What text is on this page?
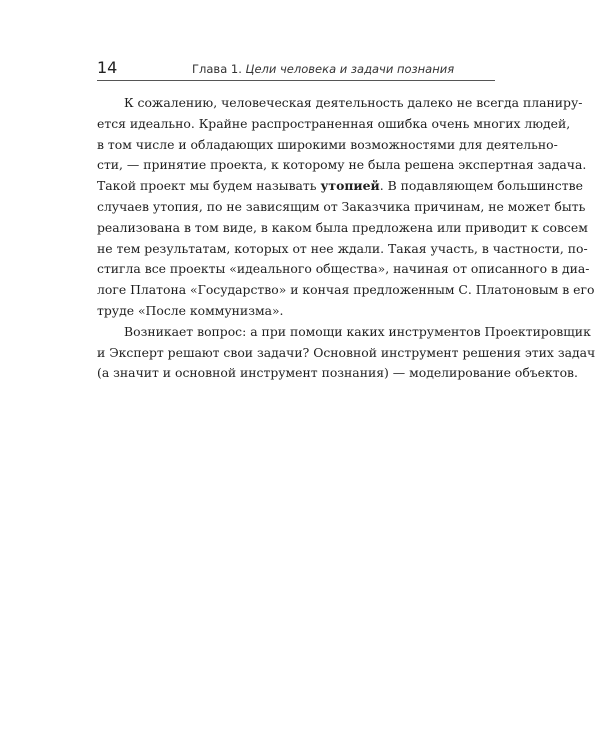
14	Глава 1. Цели человека и задачи познания
К сожалению, человеческая деятельность далеко не всегда планиру-
ется идеально. Крайне распространенная ошибка очень многих людей,
в том числе и обладающих широкими возможностями для деятельно-
сти, — принятие проекта, к которому не была решена экспертная задача.
Такой проект мы будем называть утопией. В подавляющем большинстве
случаев утопия, по не зависящим от Заказчика причинам, не может быть
реализована в том виде, в каком была предложена или приводит к совсем
не тем результатам, которых от нее ждали. Такая участь, в частности, по-
стигла все проекты «идеального общества», начиная от описанного в диа-
логе Платона «Государство» и кончая предложенным С. Платоновым в его
труде «После коммунизма».
Возникает вопрос: а при помощи каких инструментов Проектировщик
и Эксперт решают свои задачи? Основной инструмент решения этих задач
(а значит и основной инструмент познания) — моделирование объектов.
